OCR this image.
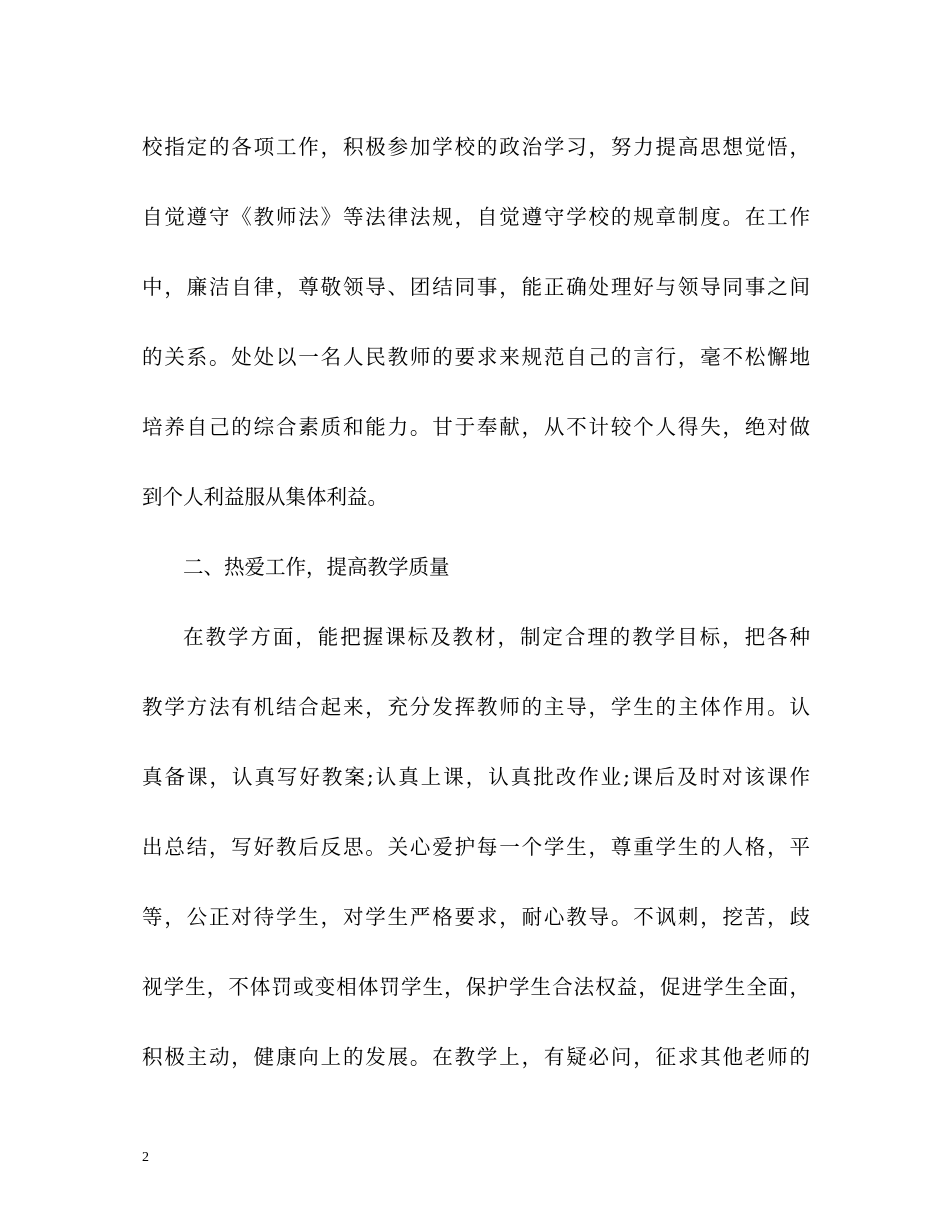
校指定的各项工作，积极参加学校的政治学习，努力提高思想觉悟，
自觉遵守《教师法》等法律法规，自觉遵守学校的规章制度。在工作
中，廉洁自律，尊敬领导、团结同事，能正确处理好与领导同事之间
的关系。处处以一名人民教师的要求来规范自己的言行，毫不松懈地
培养自己的综合素质和能力。甘于奉献，从不计较个人得失，绝对做
到个人利益服从集体利益。
二、热爱工作，提高教学质量
在教学方面，能把握课标及教材，制定合理的教学目标，把各种
教学方法有机结合起来，充分发挥教师的主导，学生的主体作用。认
真备课，认真写好教案;认真上课，认真批改作业;课后及时对该课作
出总结，写好教后反思。关心爱护每一个学生，尊重学生的人格，平
等，公正对待学生，对学生严格要求，耐心教导。不讽刺，挖苦，歧
视学生，不体罚或变相体罚学生，保护学生合法权益，促进学生全面，
积极主动，健康向上的发展。在教学上，有疑必问，征求其他老师的
2
